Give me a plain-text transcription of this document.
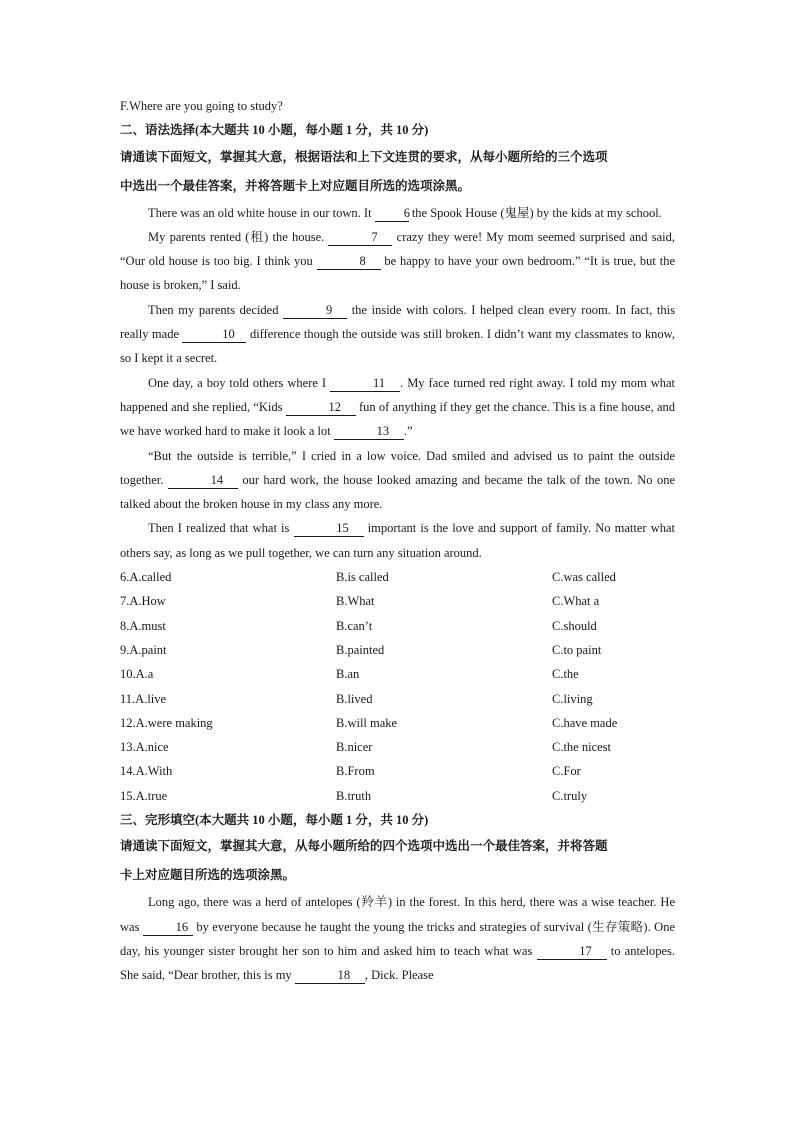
F.Where are you going to study?
二、语法选择(本大题共 10 小题，每小题 1 分，共 10 分)
请通读下面短文，掌握其大意，根据语法和上下文连贯的要求，从每小题所给的三个选项
中选出一个最佳答案，并将答题卡上对应题目所选的选项涂黑。

There was an old white house in our town. It 6 the Spook House (鬼屋) by the kids at my school.

My parents rented (租) the house.	7 crazy they were! My mom seemed surprised and said, “Our old house is too big. I think you	8 be happy to have your own bedroom.” “It is true, but the house is broken,” I said.

Then my parents decided	9 the inside with colors. I helped clean every room. In fact, this really made	10 difference though the outside was still broken. I didn’t want my classmates to know, so I kept it a secret.

One day, a boy told others where I	11 . My face turned red right away. I told my mom what happened and she replied, “Kids	12 fun of anything if they get the chance. This is a fine house, and we have worked hard to make it look a lot	13 .”

“But the outside is terrible,” I cried in a low voice. Dad smiled and advised us to paint the outside together.	14 our hard work, the house looked amazing and became the talk of the town. No one talked about the broken house in my class any more.

Then I realized that what is	15 important is the love and support of family. No matter what others say, as long as we pull together, we can turn any situation around.

6.A.called	B.is called	C.was called
7.A.How	B.What	C.What a
8.A.must	B.can’t	C.should
9.A.paint	B.painted	C.to paint
10.A.a	B.an	C.the
11.A.live	B.lived	C.living
12.A.were making	B.will make	C.have made
13.A.nice	B.nicer	C.the nicest
14.A.With	B.From	C.For
15.A.true	B.truth	C.truly
三、完形填空(本大题共 10 小题，每小题 1 分，共 10 分)
请通读下面短文，掌握其大意，从每小题所给的四个选项中选出一个最佳答案，并将答题
卡上对应题目所选的选项涂黑。

Long ago, there was a herd of antelopes (羚羊) in the forest. In this herd, there was a wise teacher. He was	16 by everyone because he taught the young the tricks and strategies of survival (生存策略). One day, his younger sister brought her son to him and asked him to teach what was	17 to antelopes. She said, “Dear brother, this is my	18 , Dick. Please
